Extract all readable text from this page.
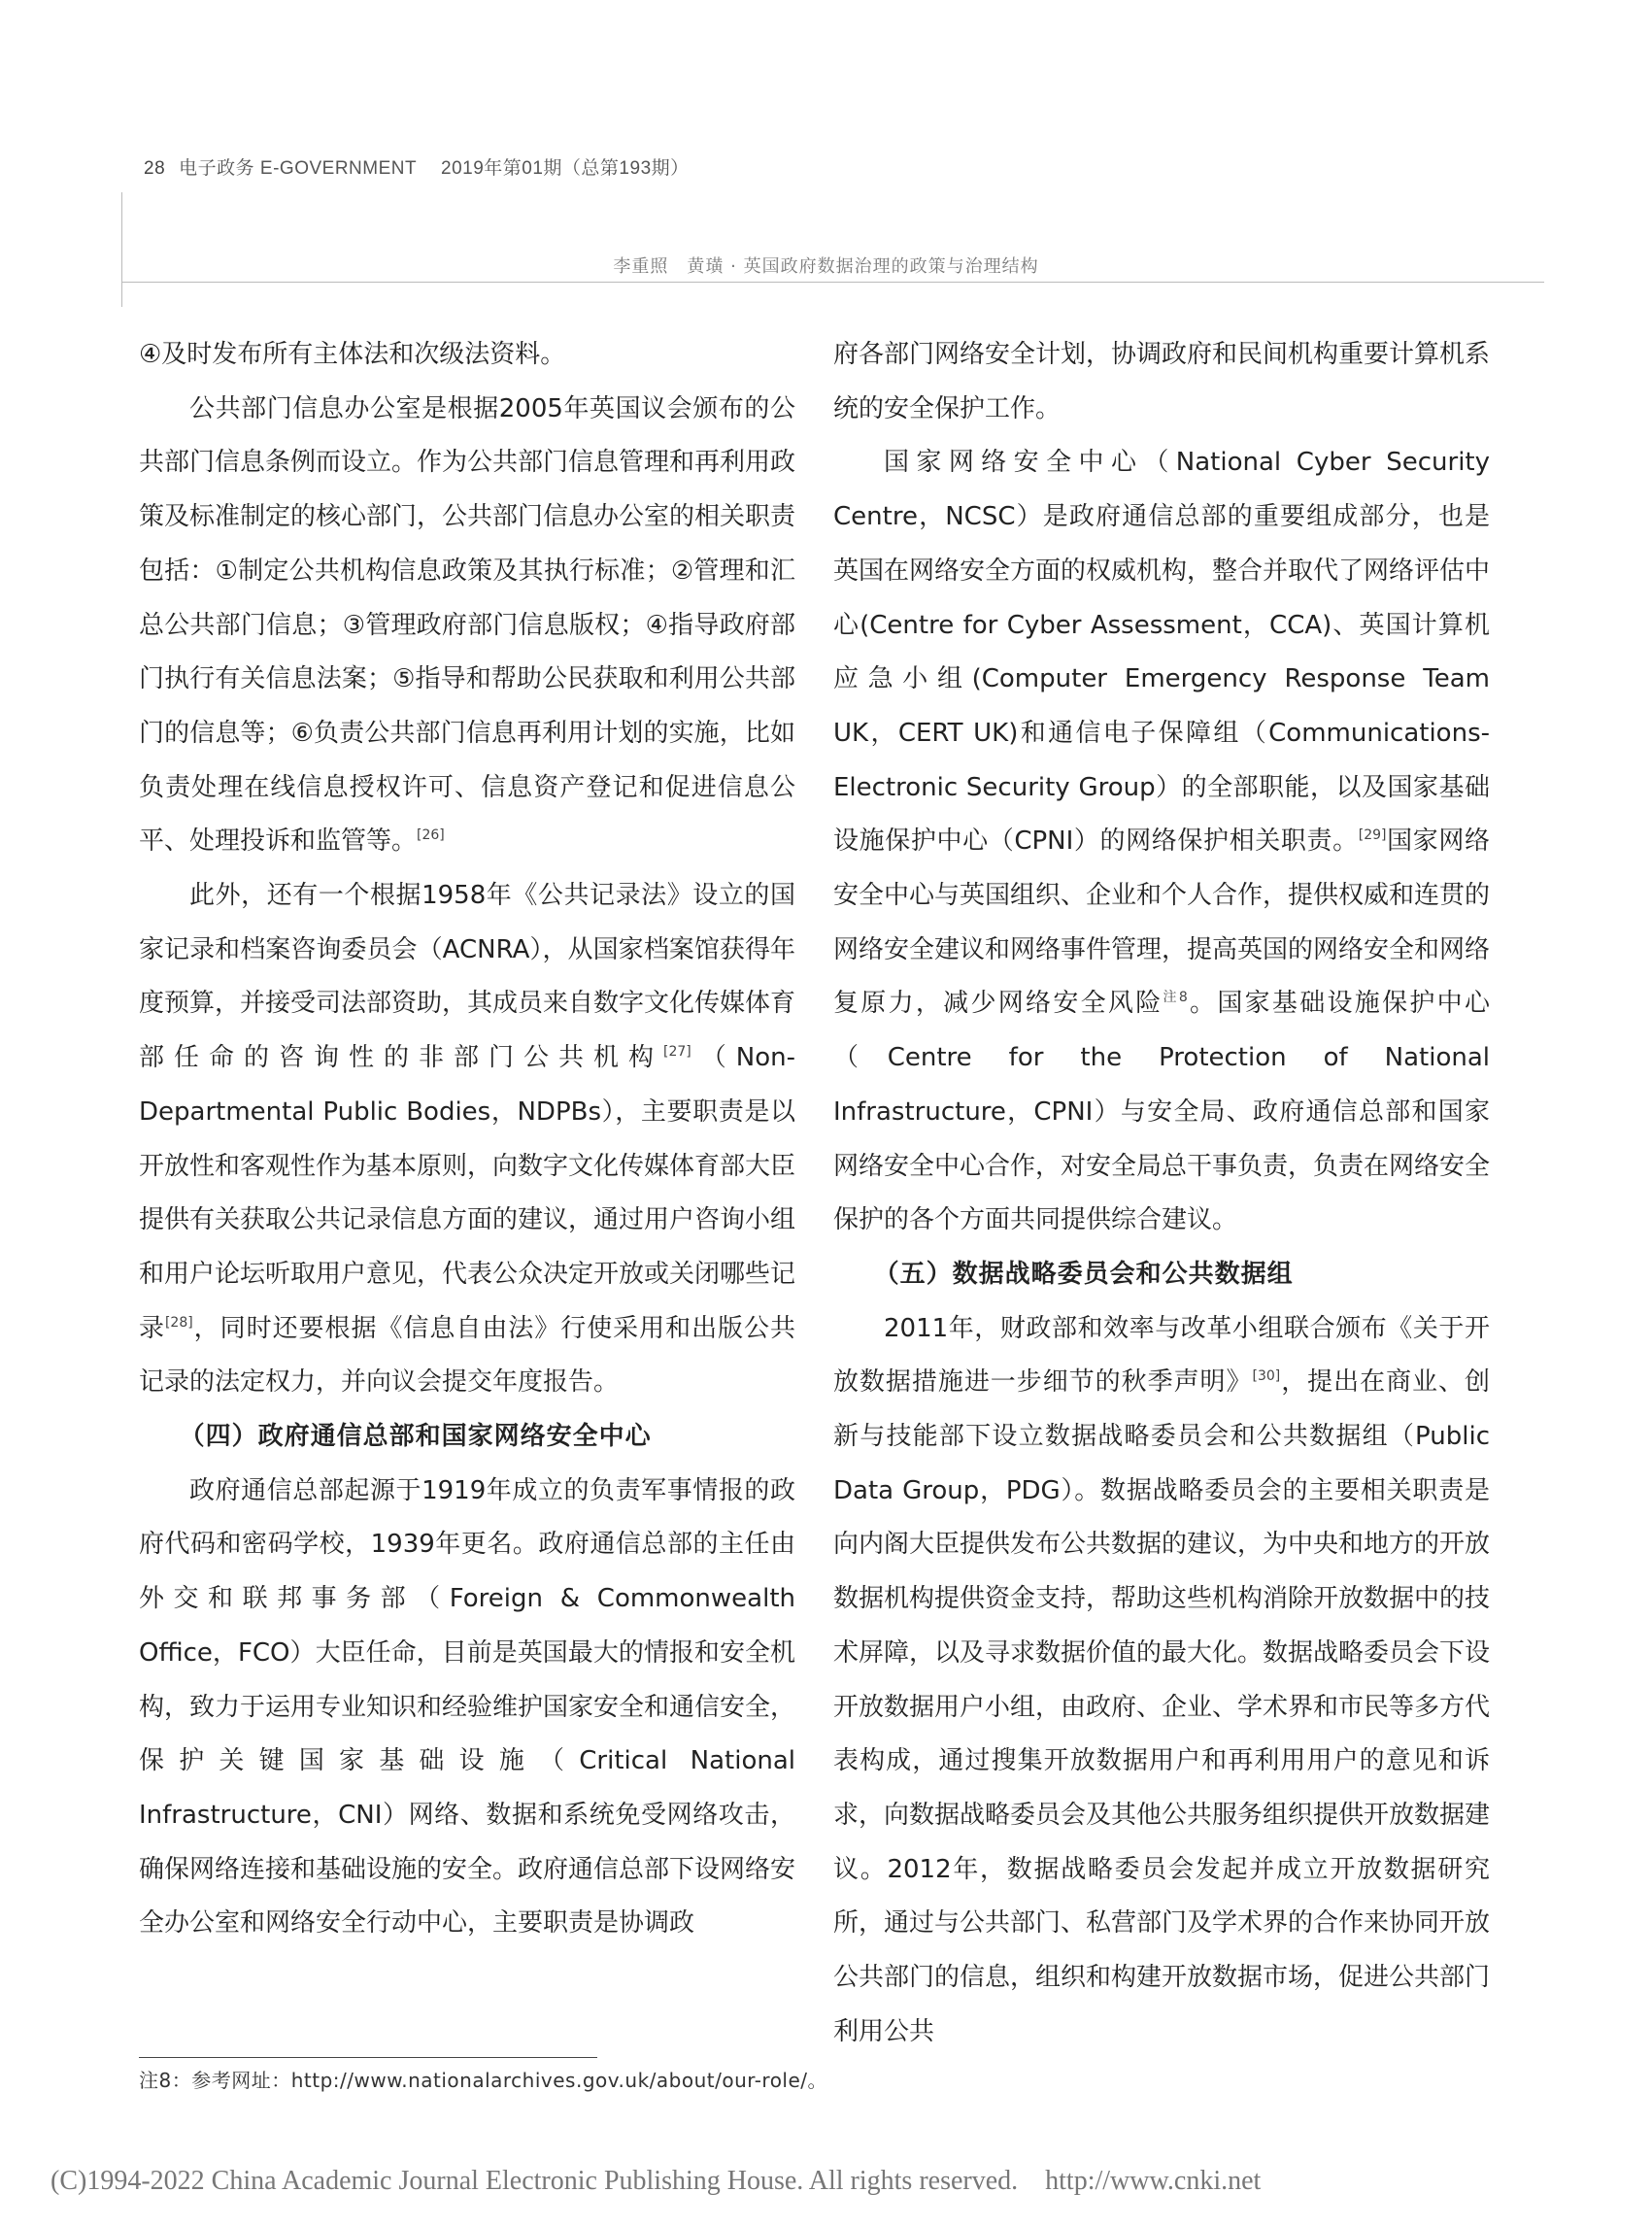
28 电子政务 E-GOVERNMENT　 2019年第01期（总第193期）
李重照　黄璜 · 英国政府数据治理的政策与治理结构

④及时发布所有主体法和次级法资料。

公共部门信息办公室是根据2005年英国议会颁布的公共部门信息条例而设立。作为公共部门信息管理和再利用政策及标准制定的核心部门，公共部门信息办公室的相关职责包括：①制定公共机构信息政策及其执行标准；②管理和汇总公共部门信息；③管理政府部门信息版权；④指导政府部门执行有关信息法案；⑤指导和帮助公民获取和利用公共部门的信息等；⑥负责公共部门信息再利用计划的实施，比如负责处理在线信息授权许可、信息资产登记和促进信息公平、处理投诉和监管等。[26]

此外，还有一个根据1958年《公共记录法》设立的国家记录和档案咨询委员会（ACNRA），从国家档案馆获得年度预算，并接受司法部资助，其成员来自数字文化传媒体育部任命的咨询性的非部门公共机构[27]（Non-Departmental Public Bodies，NDPBs），主要职责是以开放性和客观性作为基本原则，向数字文化传媒体育部大臣提供有关获取公共记录信息方面的建议，通过用户咨询小组和用户论坛听取用户意见，代表公众决定开放或关闭哪些记录[28]，同时还要根据《信息自由法》行使采用和出版公共记录的法定权力，并向议会提交年度报告。

（四）政府通信总部和国家网络安全中心

政府通信总部起源于1919年成立的负责军事情报的政府代码和密码学校，1939年更名。政府通信总部的主任由外交和联邦事务部（Foreign & Commonwealth Office，FCO）大臣任命，目前是英国最大的情报和安全机构，致力于运用专业知识和经验维护国家安全和通信安全，保护关键国家基础设施（Critical National Infrastructure，CNI）网络、数据和系统免受网络攻击，确保网络连接和基础设施的安全。政府通信总部下设网络安全办公室和网络安全行动中心，主要职责是协调政

府各部门网络安全计划，协调政府和民间机构重要计算机系统的安全保护工作。

国家网络安全中心（National Cyber Security Centre，NCSC）是政府通信总部的重要组成部分，也是英国在网络安全方面的权威机构，整合并取代了网络评估中心(Centre for Cyber Assessment，CCA)、英国计算机应急小组(Computer Emergency Response Team UK，CERT UK)和通信电子保障组（Communications-Electronic Security Group）的全部职能，以及国家基础设施保护中心（CPNI）的网络保护相关职责。[29]国家网络安全中心与英国组织、企业和个人合作，提供权威和连贯的网络安全建议和网络事件管理，提高英国的网络安全和网络复原力，减少网络安全风险$^{注8}$。国家基础设施保护中心（Centre for the Protection of National Infrastructure，CPNI）与安全局、政府通信总部和国家网络安全中心合作，对安全局总干事负责，负责在网络安全保护的各个方面共同提供综合建议。

（五）数据战略委员会和公共数据组

2011年，财政部和效率与改革小组联合颁布《关于开放数据措施进一步细节的秋季声明》[30]，提出在商业、创新与技能部下设立数据战略委员会和公共数据组（Public Data Group，PDG）。数据战略委员会的主要相关职责是向内阁大臣提供发布公共数据的建议，为中央和地方的开放数据机构提供资金支持，帮助这些机构消除开放数据中的技术屏障，以及寻求数据价值的最大化。数据战略委员会下设开放数据用户小组，由政府、企业、学术界和市民等多方代表构成，通过搜集开放数据用户和再利用用户的意见和诉求，向数据战略委员会及其他公共服务组织提供开放数据建议。2012年，数据战略委员会发起并成立开放数据研究所，通过与公共部门、私营部门及学术界的合作来协同开放公共部门的信息，组织和构建开放数据市场，促进公共部门利用公共

注8：参考网址：http://www.nationalarchives.gov.uk/about/our-role/。
(C)1994-2022 China Academic Journal Electronic Publishing House. All rights reserved.    http://www.cnki.net
